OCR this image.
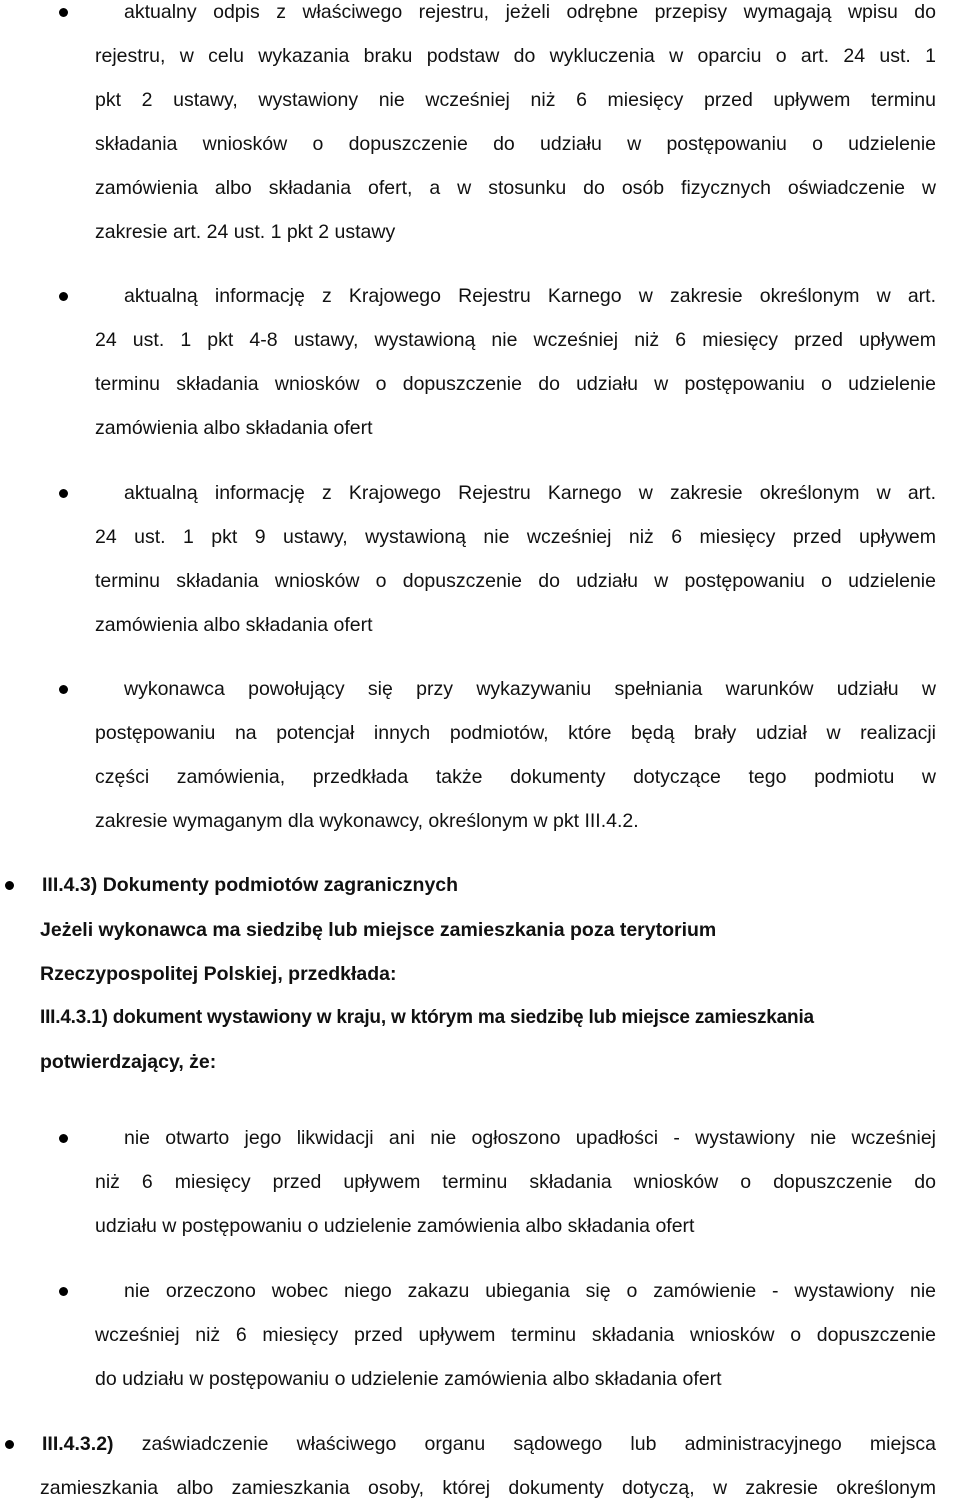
aktualny odpis z właściwego rejestru, jeżeli odrębne przepisy wymagają wpisu do
rejestru, w celu wykazania braku podstaw do wykluczenia w oparciu o art. 24 ust. 1
pkt 2 ustawy, wystawiony nie wcześniej niż 6 miesięcy przed upływem terminu
składania wniosków o dopuszczenie do udziału w postępowaniu o udzielenie
zamówienia albo składania ofert, a w stosunku do osób fizycznych oświadczenie w
zakresie art. 24 ust. 1 pkt 2 ustawy
aktualną informację z Krajowego Rejestru Karnego w zakresie określonym w art.
24 ust. 1 pkt 4-8 ustawy, wystawioną nie wcześniej niż 6 miesięcy przed upływem
terminu składania wniosków o dopuszczenie do udziału w postępowaniu o udzielenie
zamówienia albo składania ofert
aktualną informację z Krajowego Rejestru Karnego w zakresie określonym w art.
24 ust. 1 pkt 9 ustawy, wystawioną nie wcześniej niż 6 miesięcy przed upływem
terminu składania wniosków o dopuszczenie do udziału w postępowaniu o udzielenie
zamówienia albo składania ofert
wykonawca powołujący się przy wykazywaniu spełniania warunków udziału w
postępowaniu na potencjał innych podmiotów, które będą brały udział w realizacji
części zamówienia, przedkłada także dokumenty dotyczące tego podmiotu w
zakresie wymaganym dla wykonawcy, określonym w pkt III.4.2.
III.4.3) Dokumenty podmiotów zagranicznych
Jeżeli wykonawca ma siedzibę lub miejsce zamieszkania poza terytorium
Rzeczypospolitej Polskiej, przedkłada:
III.4.3.1) dokument wystawiony w kraju, w którym ma siedzibę lub miejsce zamieszkania
potwierdzający, że:
nie otwarto jego likwidacji ani nie ogłoszono upadłości - wystawiony nie wcześniej
niż 6 miesięcy przed upływem terminu składania wniosków o dopuszczenie do
udziału w postępowaniu o udzielenie zamówienia albo składania ofert
nie orzeczono wobec niego zakazu ubiegania się o zamówienie - wystawiony nie
wcześniej niż 6 miesięcy przed upływem terminu składania wniosków o dopuszczenie
do udziału w postępowaniu o udzielenie zamówienia albo składania ofert
III.4.3.2) zaświadczenie właściwego organu sądowego lub administracyjnego miejsca
zamieszkania albo zamieszkania osoby, której dokumenty dotyczą, w zakresie określonym
